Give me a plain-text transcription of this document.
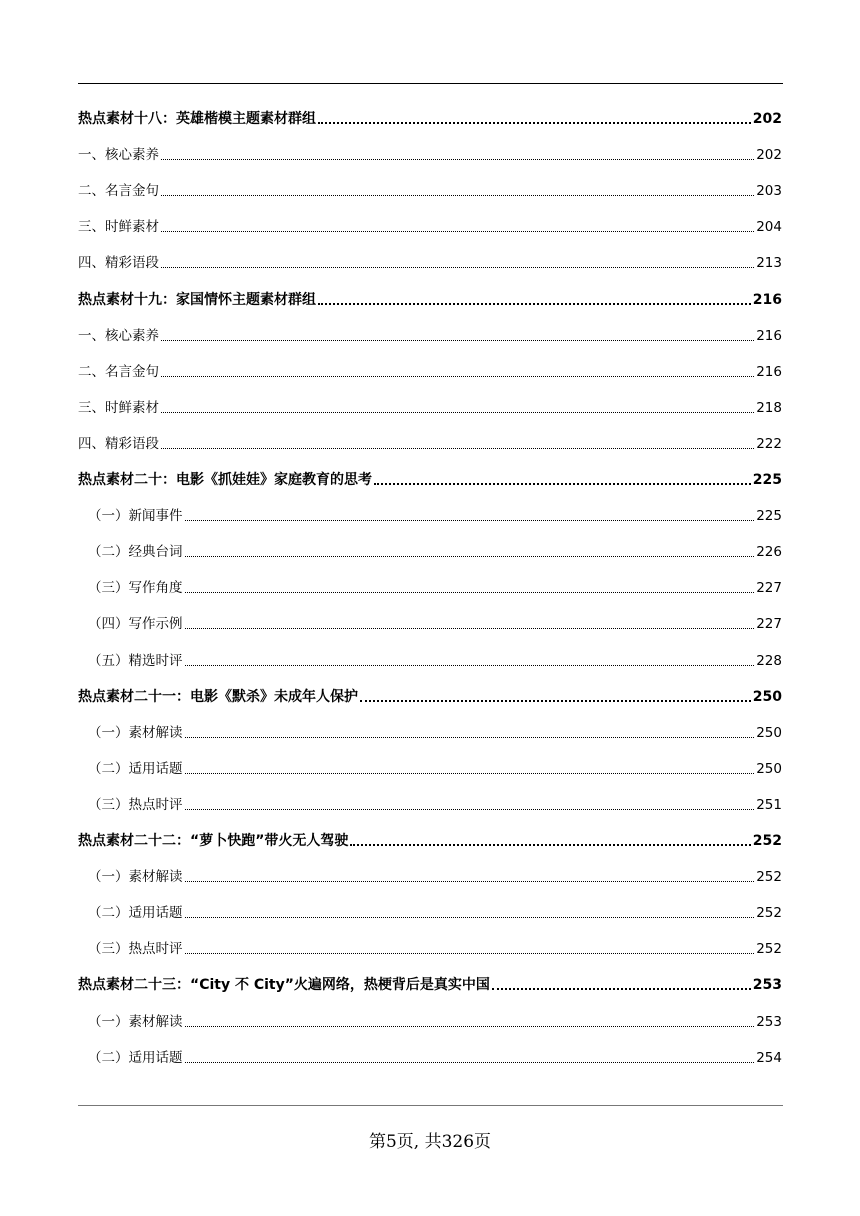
热点素材十八：英雄楷模主题素材群组	202
一、核心素养	202
二、名言金句	203
三、时鲜素材	204
四、精彩语段	213
热点素材十九：家国情怀主题素材群组	216
一、核心素养	216
二、名言金句	216
三、时鲜素材	218
四、精彩语段	222
热点素材二十：电影《抓娃娃》家庭教育的思考	225
（一）新闻事件	225
（二）经典台词	226
（三）写作角度	227
（四）写作示例	227
（五）精选时评	228
热点素材二十一：电影《默杀》未成年人保护	250
（一）素材解读	250
（二）适用话题	250
（三）热点时评	251
热点素材二十二：“萝卜快跑”带火无人驾驶	252
（一）素材解读	252
（二）适用话题	252
（三）热点时评	252
热点素材二十三：“City 不 City”火遍网络，热梗背后是真实中国	253
（一）素材解读	253
（二）适用话题	254
第5页, 共326页
